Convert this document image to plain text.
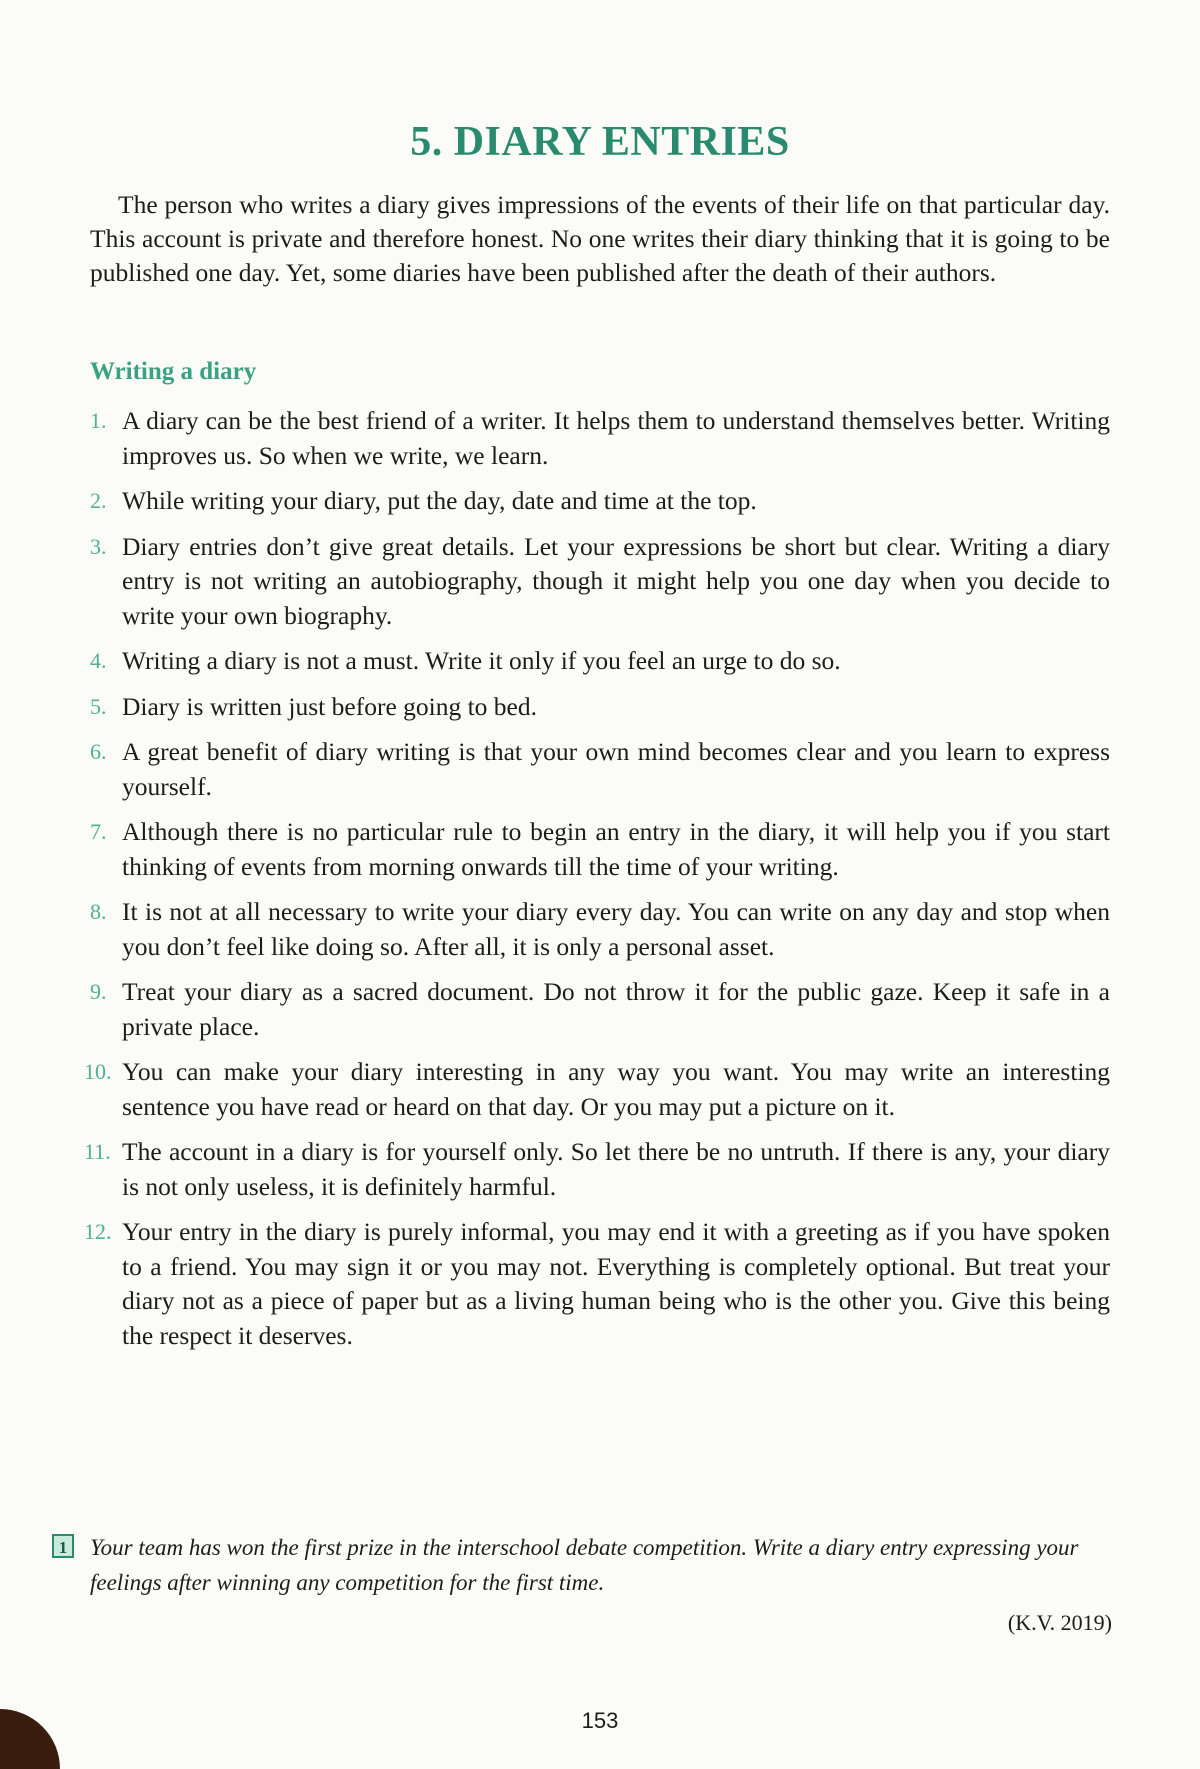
5. DIARY ENTRIES
The person who writes a diary gives impressions of the events of their life on that particular day. This account is private and therefore honest. No one writes their diary thinking that it is going to be published one day. Yet, some diaries have been published after the death of their authors.
Writing a diary
1. A diary can be the best friend of a writer. It helps them to understand themselves better. Writing improves us. So when we write, we learn.
2. While writing your diary, put the day, date and time at the top.
3. Diary entries don’t give great details. Let your expressions be short but clear. Writing a diary entry is not writing an autobiography, though it might help you one day when you decide to write your own biography.
4. Writing a diary is not a must. Write it only if you feel an urge to do so.
5. Diary is written just before going to bed.
6. A great benefit of diary writing is that your own mind becomes clear and you learn to express yourself.
7. Although there is no particular rule to begin an entry in the diary, it will help you if you start thinking of events from morning onwards till the time of your writing.
8. It is not at all necessary to write your diary every day. You can write on any day and stop when you don’t feel like doing so. After all, it is only a personal asset.
9. Treat your diary as a sacred document. Do not throw it for the public gaze. Keep it safe in a private place.
10. You can make your diary interesting in any way you want. You may write an interesting sentence you have read or heard on that day. Or you may put a picture on it.
11. The account in a diary is for yourself only. So let there be no untruth. If there is any, your diary is not only useless, it is definitely harmful.
12. Your entry in the diary is purely informal, you may end it with a greeting as if you have spoken to a friend. You may sign it or you may not. Everything is completely optional. But treat your diary not as a piece of paper but as a living human being who is the other you. Give this being the respect it deserves.
1 Your team has won the first prize in the interschool debate competition. Write a diary entry expressing your feelings after winning any competition for the first time.
(K.V. 2019)
153
